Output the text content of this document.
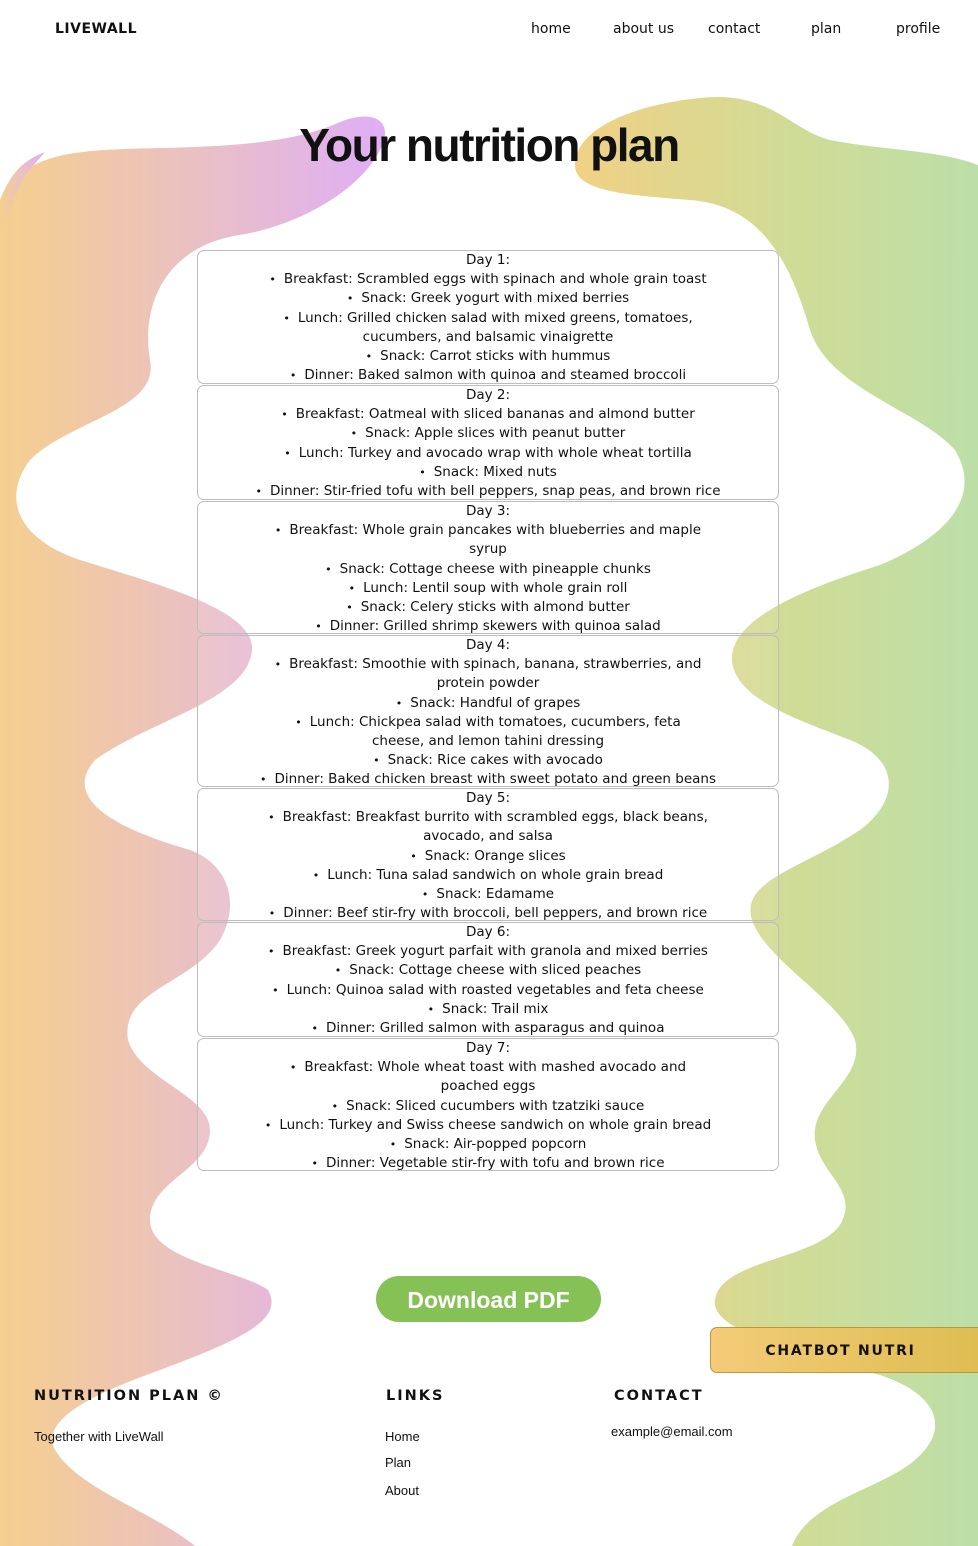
LIVEWALL	home	about us contact	plan	profile
Your nutrition plan
Day 1:
• Breakfast: Scrambled eggs with spinach and whole grain toast
• Snack: Greek yogurt with mixed berries
• Lunch: Grilled chicken salad with mixed greens, tomatoes, cucumbers, and balsamic vinaigrette
• Snack: Carrot sticks with hummus
• Dinner: Baked salmon with quinoa and steamed broccoli
Day 2:
• Breakfast: Oatmeal with sliced bananas and almond butter
• Snack: Apple slices with peanut butter
• Lunch: Turkey and avocado wrap with whole wheat tortilla
• Snack: Mixed nuts
• Dinner: Stir-fried tofu with bell peppers, snap peas, and brown rice
Day 3:
• Breakfast: Whole grain pancakes with blueberries and maple syrup
• Snack: Cottage cheese with pineapple chunks
• Lunch: Lentil soup with whole grain roll
• Snack: Celery sticks with almond butter
• Dinner: Grilled shrimp skewers with quinoa salad
Day 4:
• Breakfast: Smoothie with spinach, banana, strawberries, and protein powder
• Snack: Handful of grapes
• Lunch: Chickpea salad with tomatoes, cucumbers, feta cheese, and lemon tahini dressing
• Snack: Rice cakes with avocado
• Dinner: Baked chicken breast with sweet potato and green beans
Day 5:
• Breakfast: Breakfast burrito with scrambled eggs, black beans, avocado, and salsa
• Snack: Orange slices
• Lunch: Tuna salad sandwich on whole grain bread
• Snack: Edamame
• Dinner: Beef stir-fry with broccoli, bell peppers, and brown rice
Day 6:
• Breakfast: Greek yogurt parfait with granola and mixed berries
• Snack: Cottage cheese with sliced peaches
• Lunch: Quinoa salad with roasted vegetables and feta cheese
• Snack: Trail mix
• Dinner: Grilled salmon with asparagus and quinoa
Day 7:
• Breakfast: Whole wheat toast with mashed avocado and poached eggs
• Snack: Sliced cucumbers with tzatziki sauce
• Lunch: Turkey and Swiss cheese sandwich on whole grain bread
• Snack: Air-popped popcorn
• Dinner: Vegetable stir-fry with tofu and brown rice
Download PDF
CHATBOT NUTRI
NUTRITION PLAN ©
Together with LiveWall
LINKS
Home
Plan
About
CONTACT
example@email.com
